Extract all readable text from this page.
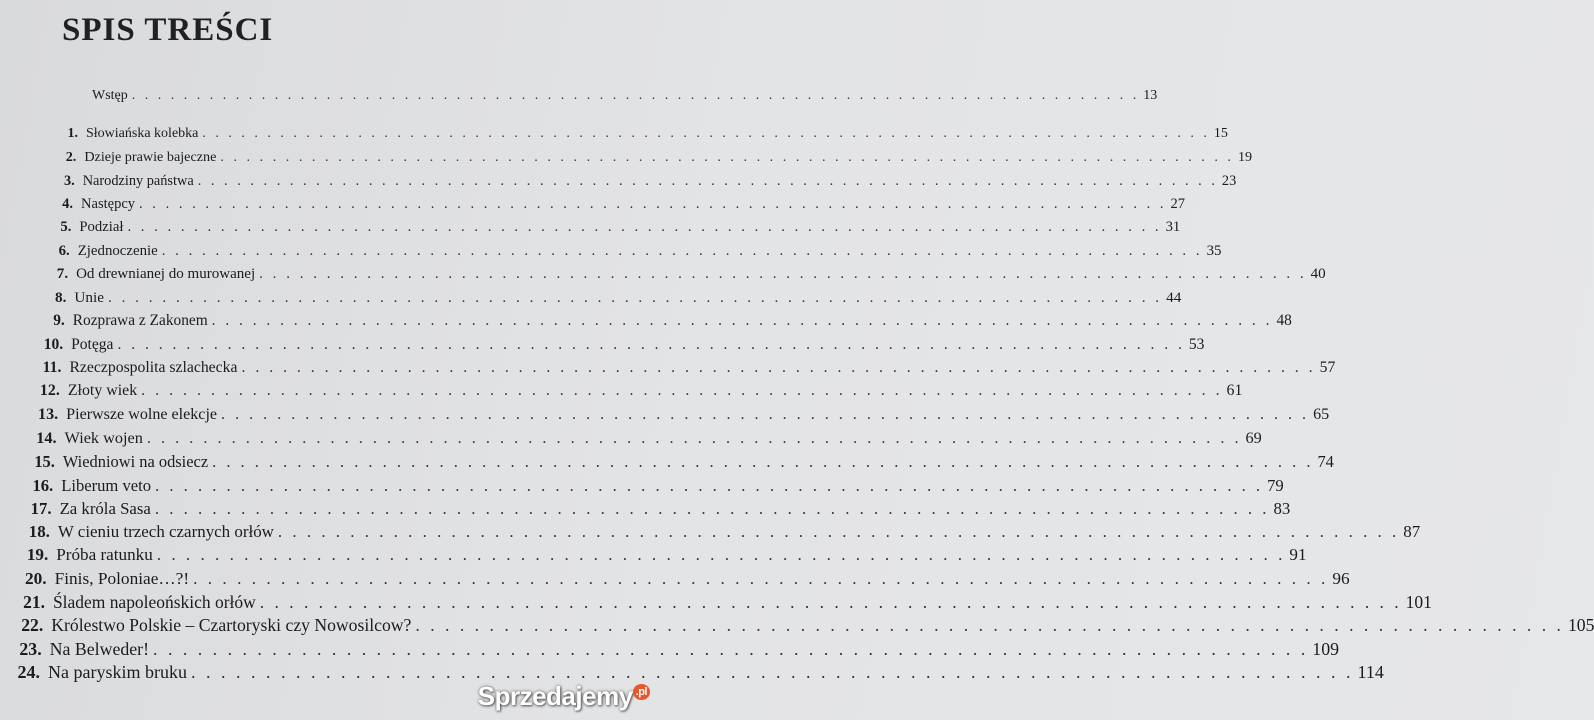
SPIS TREŚCI
Wstęp . . . . . . . . . . . . . . . . . . . . . . . . . . . . . . . . . . . . . . . . . . . . . . . . . . . . . . . . . . . . . . . . . . . . . . . . . . . . . . 13
1. Słowiańska kolebka . . . . . . . . . . . . . . . . . . . . . . . . . . . . . . . . . . . . . . . . . . . . . . . . . . . . . . . . . . . . . . . . . . . . . . . . . . . . . . 15
2. Dzieje prawie bajeczne . . . . . . . . . . . . . . . . . . . . . . . . . . . . . . . . . . . . . . . . . . . . . . . . . . . . . . . . . . . . . . . . . . . . . . . . . . . . . . 19
3. Narodziny państwa . . . . . . . . . . . . . . . . . . . . . . . . . . . . . . . . . . . . . . . . . . . . . . . . . . . . . . . . . . . . . . . . . . . . . . . . . . . . . . 23
4. Następcy . . . . . . . . . . . . . . . . . . . . . . . . . . . . . . . . . . . . . . . . . . . . . . . . . . . . . . . . . . . . . . . . . . . . . . . . . . . . . . 27
5. Podział . . . . . . . . . . . . . . . . . . . . . . . . . . . . . . . . . . . . . . . . . . . . . . . . . . . . . . . . . . . . . . . . . . . . . . . . . . . . . . 31
6. Zjednoczenie . . . . . . . . . . . . . . . . . . . . . . . . . . . . . . . . . . . . . . . . . . . . . . . . . . . . . . . . . . . . . . . . . . . . . . . . . . . . . . 35
7. Od drewnianej do murowanej . . . . . . . . . . . . . . . . . . . . . . . . . . . . . . . . . . . . . . . . . . . . . . . . . . . . . . . . . . . . . . . . . . . . . . . . . . . . . . 40
8. Unie . . . . . . . . . . . . . . . . . . . . . . . . . . . . . . . . . . . . . . . . . . . . . . . . . . . . . . . . . . . . . . . . . . . . . . . . . . . . . . 44
9. Rozprawa z Zakonem . . . . . . . . . . . . . . . . . . . . . . . . . . . . . . . . . . . . . . . . . . . . . . . . . . . . . . . . . . . . . . . . . . . . . . . . . . . . . . 48
10. Potęga . . . . . . . . . . . . . . . . . . . . . . . . . . . . . . . . . . . . . . . . . . . . . . . . . . . . . . . . . . . . . . . . . . . . . . . . . . . . . . 53
11. Rzeczpospolita szlachecka . . . . . . . . . . . . . . . . . . . . . . . . . . . . . . . . . . . . . . . . . . . . . . . . . . . . . . . . . . . . . . . . . . . . . . . . . . . . . . 57
12. Złoty wiek . . . . . . . . . . . . . . . . . . . . . . . . . . . . . . . . . . . . . . . . . . . . . . . . . . . . . . . . . . . . . . . . . . . . . . . . . . . . . . 61
13. Pierwsze wolne elekcje . . . . . . . . . . . . . . . . . . . . . . . . . . . . . . . . . . . . . . . . . . . . . . . . . . . . . . . . . . . . . . . . . . . . . . . . . . . . . . 65
14. Wiek wojen . . . . . . . . . . . . . . . . . . . . . . . . . . . . . . . . . . . . . . . . . . . . . . . . . . . . . . . . . . . . . . . . . . . . . . . . . . . . . . 69
15. Wiedniowi na odsiecz . . . . . . . . . . . . . . . . . . . . . . . . . . . . . . . . . . . . . . . . . . . . . . . . . . . . . . . . . . . . . . . . . . . . . . . . . . . . . . 74
16. Liberum veto . . . . . . . . . . . . . . . . . . . . . . . . . . . . . . . . . . . . . . . . . . . . . . . . . . . . . . . . . . . . . . . . . . . . . . . . . . . . . . 79
17. Za króla Sasa . . . . . . . . . . . . . . . . . . . . . . . . . . . . . . . . . . . . . . . . . . . . . . . . . . . . . . . . . . . . . . . . . . . . . . . . . . . . . . 83
18. W cieniu trzech czarnych orłów . . . . . . . . . . . . . . . . . . . . . . . . . . . . . . . . . . . . . . . . . . . . . . . . . . . . . . . . . . . . . . . . . . . . . . . . . . . . . . 87
19. Próba ratunku . . . . . . . . . . . . . . . . . . . . . . . . . . . . . . . . . . . . . . . . . . . . . . . . . . . . . . . . . . . . . . . . . . . . . . . . . . . . . . 91
20. Finis, Poloniae…?! . . . . . . . . . . . . . . . . . . . . . . . . . . . . . . . . . . . . . . . . . . . . . . . . . . . . . . . . . . . . . . . . . . . . . . . . . . . . . . 96
21. Śladem napoleońskich orłów . . . . . . . . . . . . . . . . . . . . . . . . . . . . . . . . . . . . . . . . . . . . . . . . . . . . . . . . . . . . . . . . . . . . . . . . . . . . . . 101
22. Królestwo Polskie – Czartoryski czy Nowosilcow? . . . . . . . . . . . . . . . . . . . . . . . . . . . . . . . . . . . . . . . . . . . . . . . . . . . . . . . . . . . . . . . . . . . . . . . . . . . . . . 105
23. Na Belweder! . . . . . . . . . . . . . . . . . . . . . . . . . . . . . . . . . . . . . . . . . . . . . . . . . . . . . . . . . . . . . . . . . . . . . . . . . . . . . . 109
24. Na paryskim bruku . . . . . . . . . . . . . . . . . . . . . . . . . . . . . . . . . . . . . . . . . . . . . . . . . . . . . . . . . . . . . . . . . . . . . . . . . . . . . . 114
Sprzedajemy $^{.pl}$
